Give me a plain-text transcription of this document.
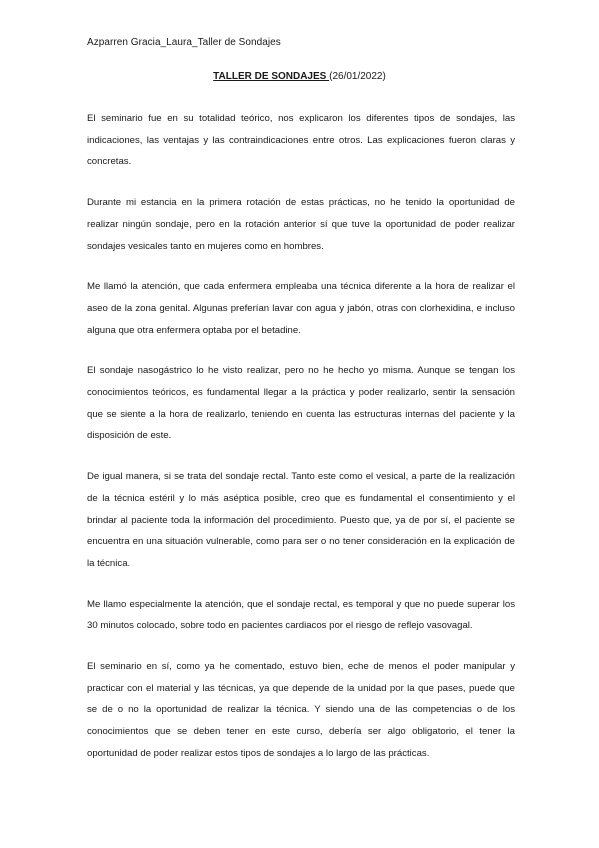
Azparren Gracia_Laura_Taller de Sondajes
TALLER DE SONDAJES (26/01/2022)

El seminario fue en su totalidad teórico, nos explicaron los diferentes tipos de sondajes, las indicaciones, las ventajas y las contraindicaciones entre otros. Las explicaciones fueron claras y concretas.

Durante mi estancia en la primera rotación de estas prácticas, no he tenido la oportunidad de realizar ningún sondaje, pero en la rotación anterior sí que tuve la oportunidad de poder realizar sondajes vesicales tanto en mujeres como en hombres.

Me llamó la atención, que cada enfermera empleaba una técnica diferente a la hora de realizar el aseo de la zona genital. Algunas preferían lavar con agua y jabón, otras con clorhexidina, e incluso alguna que otra enfermera optaba por el betadine.

El sondaje nasogástrico lo he visto realizar, pero no he hecho yo misma. Aunque se tengan los conocimientos teóricos, es fundamental llegar a la práctica y poder realizarlo, sentir la sensación que se siente a la hora de realizarlo, teniendo en cuenta las estructuras internas del paciente y la disposición de este.

De igual manera, si se trata del sondaje rectal. Tanto este como el vesical, a parte de la realización de la técnica estéril y lo más aséptica posible, creo que es fundamental el consentimiento y el brindar al paciente toda la información del procedimiento. Puesto que, ya de por sí, el paciente se encuentra en una situación vulnerable, como para ser o no tener consideración en la explicación de la técnica.

Me llamo especialmente la atención, que el sondaje rectal, es temporal y que no puede superar los 30 minutos colocado, sobre todo en pacientes cardiacos por el riesgo de reflejo vasovagal.

El seminario en sí, como ya he comentado, estuvo bien, eche de menos el poder manipular y practicar con el material y las técnicas, ya que depende de la unidad por la que pases, puede que se de o no la oportunidad de realizar la técnica. Y siendo una de las competencias o de los conocimientos que se deben tener en este curso, debería ser algo obligatorio, el tener la oportunidad de poder realizar estos tipos de sondajes a lo largo de las prácticas.
